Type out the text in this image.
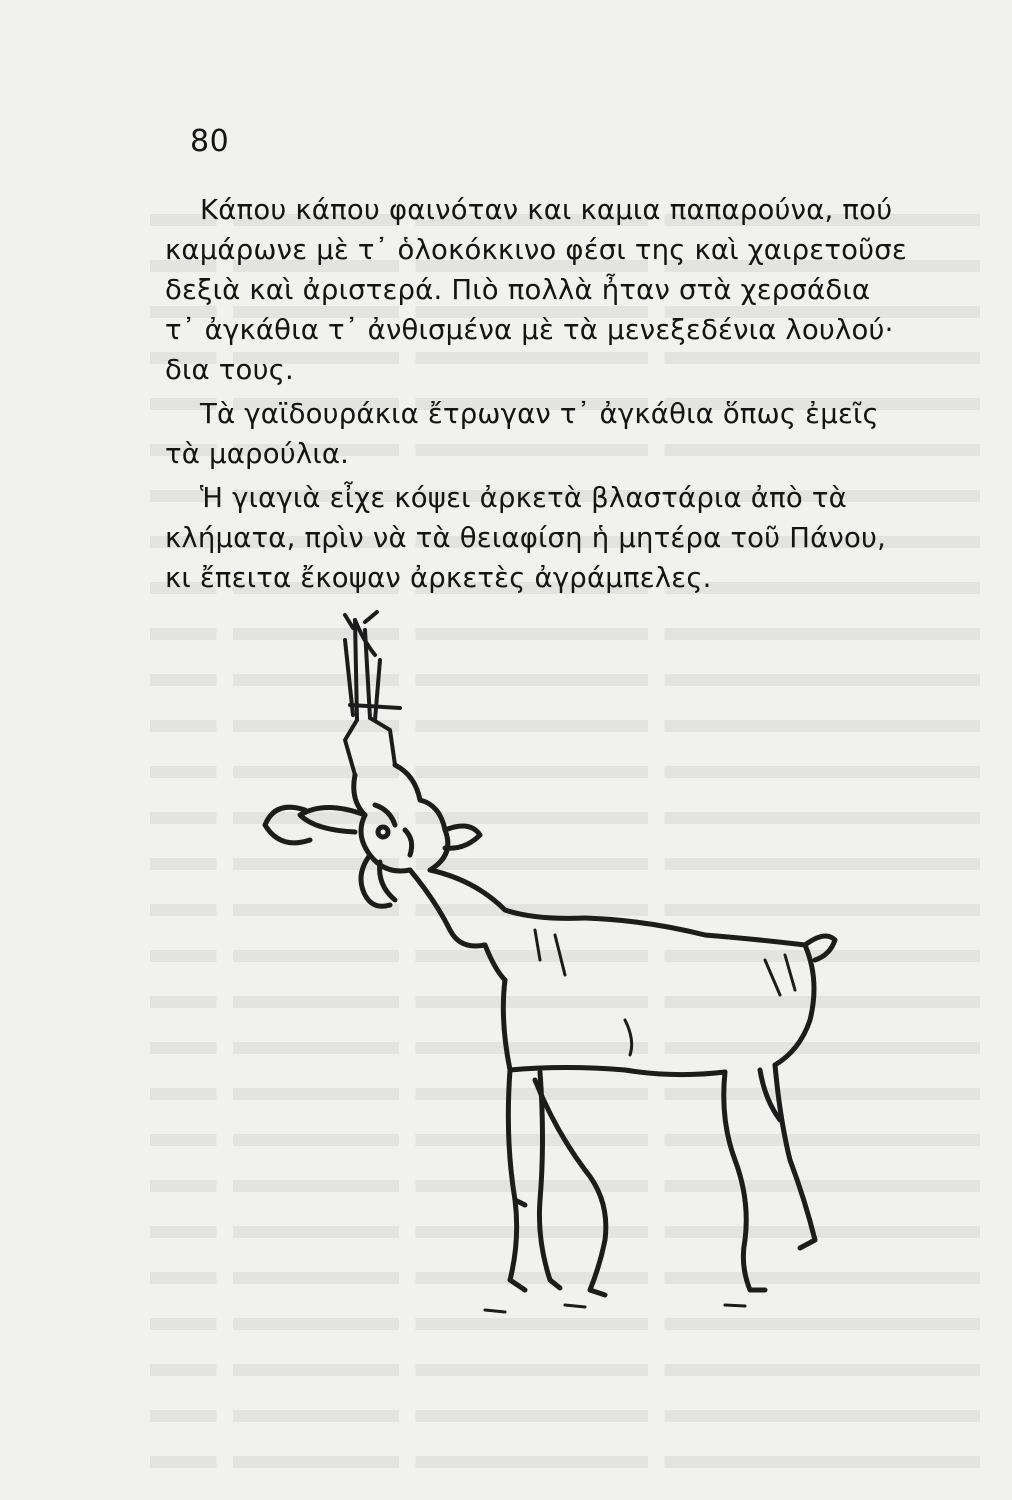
80
Κάπου κάπου φαινόταν και καμια παπαρούνα, πού
καμάρωνε μὲ τ᾽ ὁλοκόκκινο φέσι της καὶ χαιρετοῦσε
δεξιὰ καὶ ἀριστερά. Πιὸ πολλὰ ἦταν στὰ χερσάδια
τ᾽ ἀγκάθια τ᾽ ἀνθισμένα μὲ τὰ μενεξεδένια λουλού·
δια τους.
Τὰ γαϊδουράκια ἔτρωγαν τ᾽ ἀγκάθια ὅπως ἐμεῖς
τὰ μαρούλια.
Ἡ γιαγιὰ εἶχε κόψει ἀρκετὰ βλαστάρια ἀπὸ τὰ
κλήματα, πρὶν νὰ τὰ θειαφίση ἡ μητέρα τοῦ Πάνου,
κι ἔπειτα ἔκοψαν ἀρκετὲς ἀγράμπελες.
